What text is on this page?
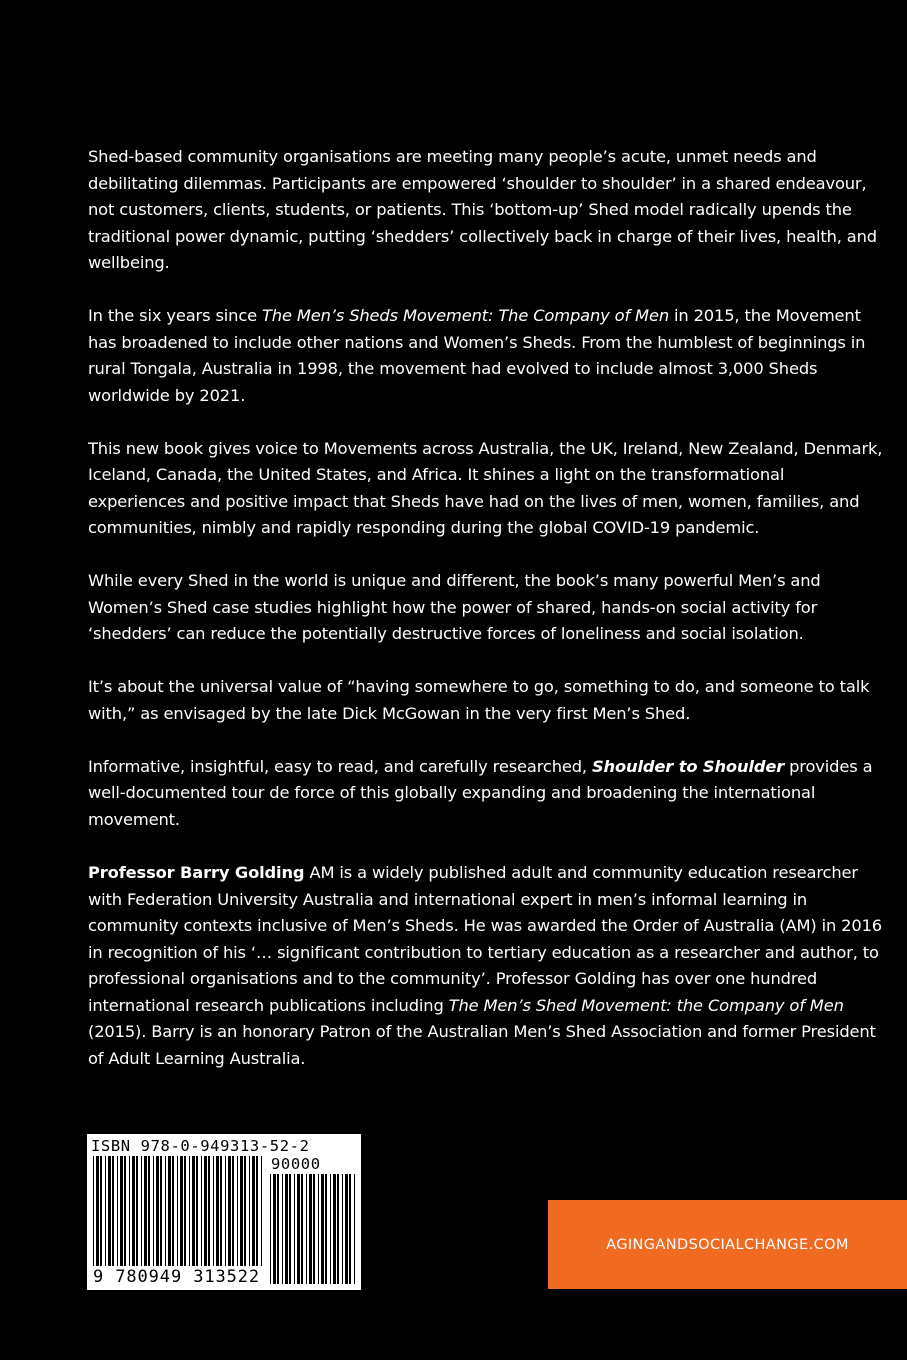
Shed-based community organisations are meeting many people’s acute, unmet needs and debilitating dilemmas. Participants are empowered ‘shoulder to shoulder’ in a shared endeavour, not customers, clients, students, or patients. This ‘bottom-up’ Shed model radically upends the traditional power dynamic, putting ‘shedders’ collectively back in charge of their lives, health, and wellbeing.

In the six years since The Men’s Sheds Movement: The Company of Men in 2015, the Movement has broadened to include other nations and Women’s Sheds. From the humblest of beginnings in rural Tongala, Australia in 1998, the movement had evolved to include almost 3,000 Sheds worldwide by 2021.

This new book gives voice to Movements across Australia, the UK, Ireland, New Zealand, Denmark, Iceland, Canada, the United States, and Africa. It shines a light on the transformational experiences and positive impact that Sheds have had on the lives of men, women, families, and communities, nimbly and rapidly responding during the global COVID-19 pandemic.

While every Shed in the world is unique and different, the book’s many powerful Men’s and Women’s Shed case studies highlight how the power of shared, hands-on social activity for ‘shedders’ can reduce the potentially destructive forces of loneliness and social isolation.

It’s about the universal value of “having somewhere to go, something to do, and someone to talk with,” as envisaged by the late Dick McGowan in the very first Men’s Shed.

Informative, insightful, easy to read, and carefully researched, Shoulder to Shoulder provides a well-documented tour de force of this globally expanding and broadening the international movement.

Professor Barry Golding AM is a widely published adult and community education researcher with Federation University Australia and international expert in men’s informal learning in community contexts inclusive of Men’s Sheds. He was awarded the Order of Australia (AM) in 2016 in recognition of his ‘… significant contribution to tertiary education as a researcher and author, to professional organisations and to the community’. Professor Golding has over one hundred international research publications including The Men’s Shed Movement: the Company of Men (2015). Barry is an honorary Patron of the Australian Men’s Shed Association and former President of Adult Learning Australia.

ISBN 978-0-949313-52-2
90000
9 780949 313522
AGINGANDSOCIALCHANGE.COM
